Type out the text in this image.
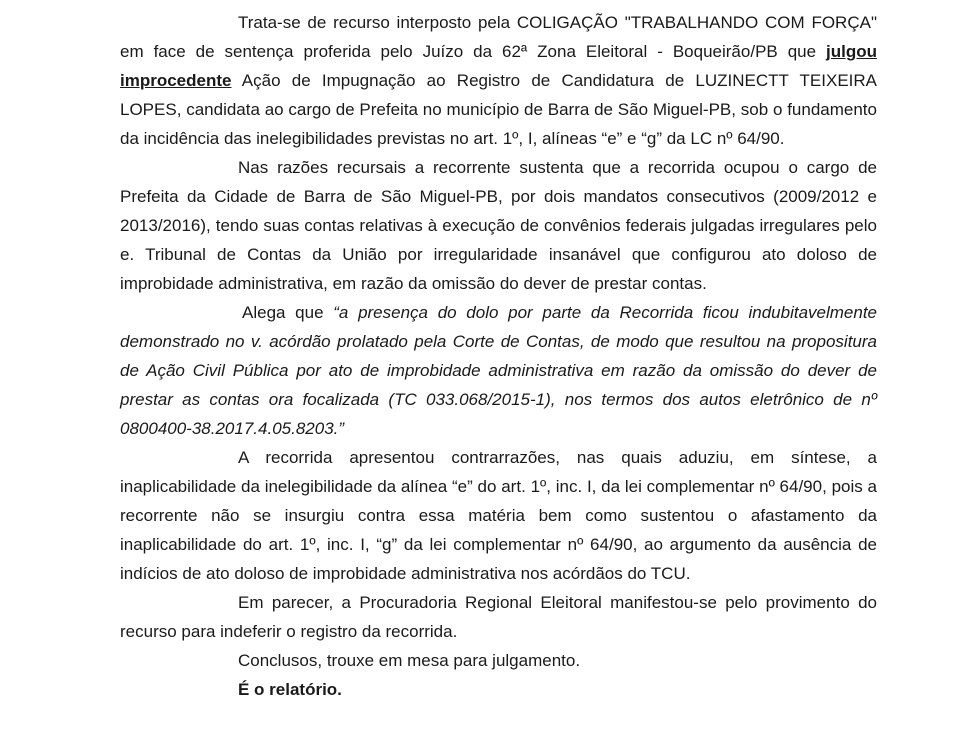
Trata-se de recurso interposto pela COLIGAÇÃO "TRABALHANDO COM FORÇA" em face de sentença proferida pelo Juízo da 62ª Zona Eleitoral - Boqueirão/PB que julgou improcedente Ação de Impugnação ao Registro de Candidatura de LUZINECTT TEIXEIRA LOPES, candidata ao cargo de Prefeita no município de Barra de São Miguel-PB, sob o fundamento da incidência das inelegibilidades previstas no art. 1º, I, alíneas “e” e “g” da LC nº 64/90.

Nas razões recursais a recorrente sustenta que a recorrida ocupou o cargo de Prefeita da Cidade de Barra de São Miguel-PB, por dois mandatos consecutivos (2009/2012 e 2013/2016), tendo suas contas relativas à execução de convênios federais julgadas irregulares pelo e. Tribunal de Contas da União por irregularidade insanável que configurou ato doloso de improbidade administrativa, em razão da omissão do dever de prestar contas.

Alega que “a presença do dolo por parte da Recorrida ficou indubitavelmente demonstrado no v. acórdão prolatado pela Corte de Contas, de modo que resultou na propositura de Ação Civil Pública por ato de improbidade administrativa em razão da omissão do dever de prestar as contas ora focalizada (TC 033.068/2015-1), nos termos dos autos eletrônico de nº 0800400-38.2017.4.05.8203.”

A recorrida apresentou contrarrazões, nas quais aduziu, em síntese, a inaplicabilidade da inelegibilidade da alínea “e” do art. 1º, inc. I, da lei complementar nº 64/90, pois a recorrente não se insurgiu contra essa matéria bem como sustentou o afastamento da inaplicabilidade do art. 1º, inc. I, “g” da lei complementar nº 64/90, ao argumento da ausência de indícios de ato doloso de improbidade administrativa nos acórdãos do TCU.

Em parecer, a Procuradoria Regional Eleitoral manifestou-se pelo provimento do recurso para indeferir o registro da recorrida.

Conclusos, trouxe em mesa para julgamento.

É o relatório.
